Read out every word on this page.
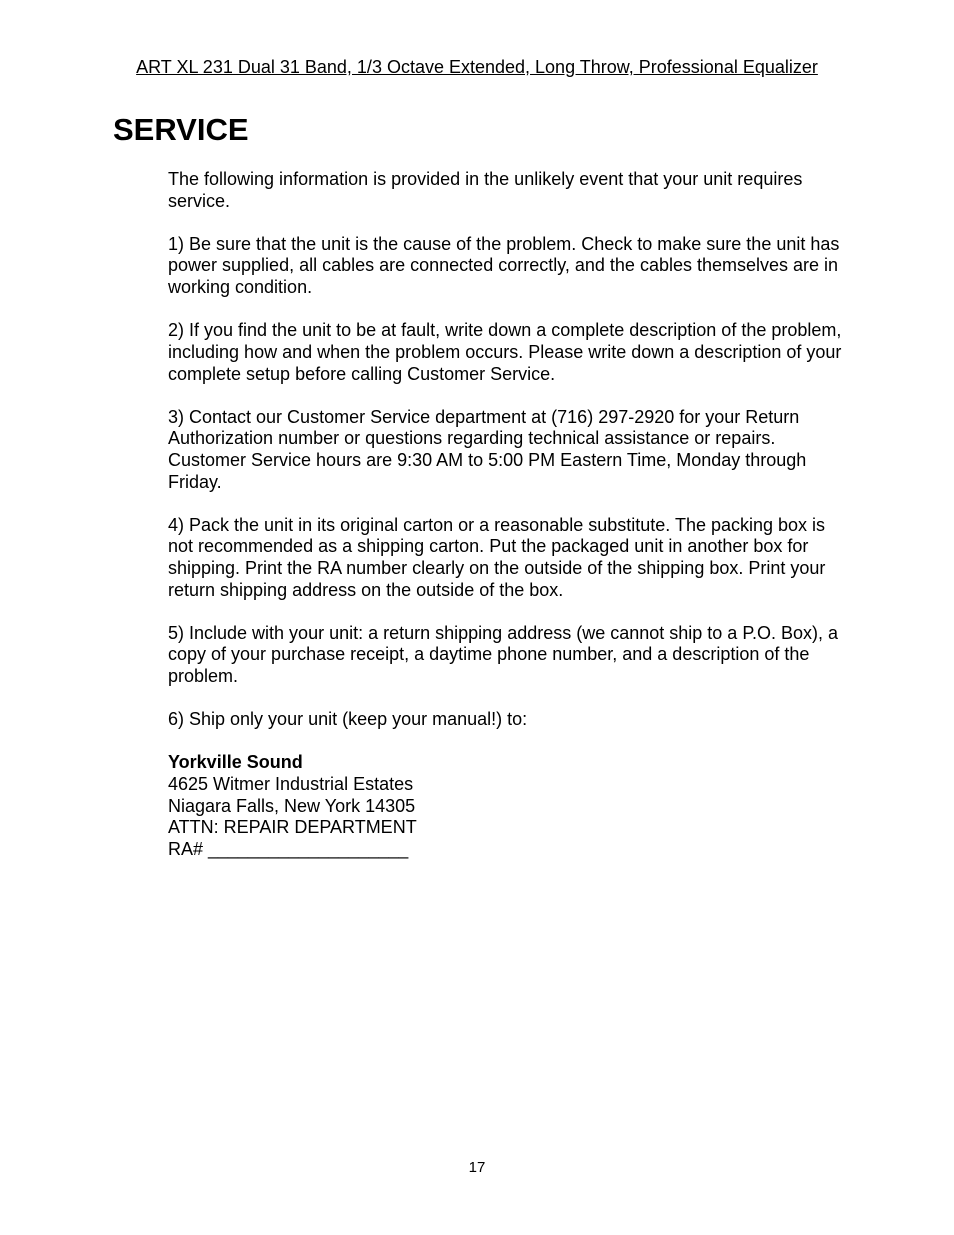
ART XL 231 Dual 31 Band, 1/3 Octave Extended, Long Throw, Professional Equalizer
SERVICE

The following information is provided in the unlikely event that your unit requires service.

1) Be sure that the unit is the cause of the problem. Check to make sure the unit has power supplied, all cables are connected correctly, and the cables themselves are in working condition.

2) If you find the unit to be at fault, write down a complete description of the problem, including how and when the problem occurs. Please write down a description of your complete setup before calling Customer Service.

3) Contact our Customer Service department at (716) 297-2920 for your Return Authorization number or questions regarding technical assistance or repairs. Customer Service hours are 9:30 AM to 5:00 PM Eastern Time, Monday through Friday.

4) Pack the unit in its original carton or a reasonable substitute. The packing box is not recommended as a shipping carton. Put the packaged unit in another box for shipping. Print the RA number clearly on the outside of the shipping box. Print your return shipping address on the outside of the box.

5) Include with your unit: a return shipping address (we cannot ship to a P.O. Box), a copy of your purchase receipt, a daytime phone number, and a description of the problem.

6) Ship only your unit (keep your manual!) to:

Yorkville Sound
4625 Witmer Industrial Estates
Niagara Falls, New York 14305
ATTN: REPAIR DEPARTMENT
RA# ____________________
17
